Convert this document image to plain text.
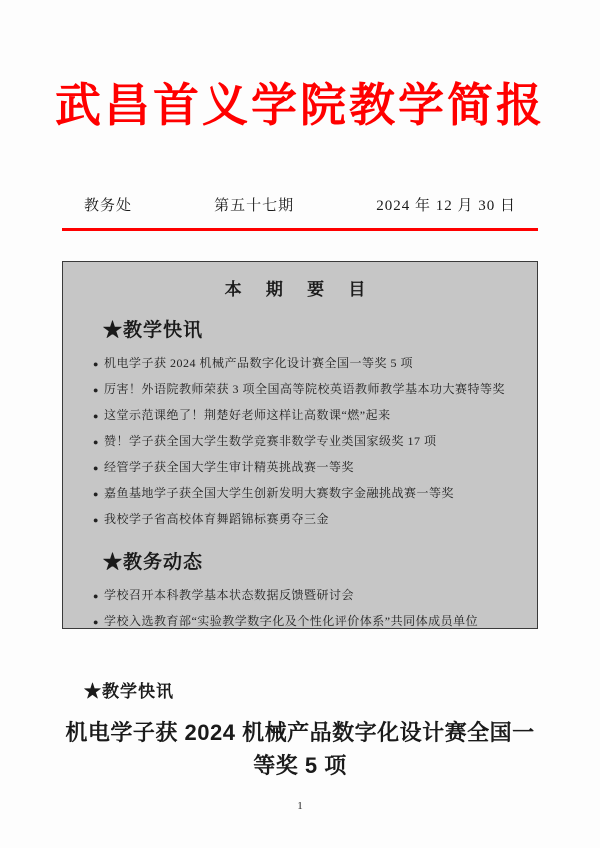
武昌首义学院教学简报
教务处	第五十七期	2024 年 12 月 30 日
本 期 要 目
★教学快讯
● 机电学子获 2024 机械产品数字化设计赛全国一等奖 5 项
● 厉害！外语院教师荣获 3 项全国高等院校英语教师教学基本功大赛特等奖
● 这堂示范课绝了！荆楚好老师这样让高数课“燃”起来
● 赞！学子获全国大学生数学竞赛非数学专业类国家级奖 17 项
● 经管学子获全国大学生审计精英挑战赛一等奖
● 嘉鱼基地学子获全国大学生创新发明大赛数字金融挑战赛一等奖
● 我校学子省高校体育舞蹈锦标赛勇夺三金
★教务动态
● 学校召开本科教学基本状态数据反馈暨研讨会
● 学校入选教育部“实验教学数字化及个性化评价体系”共同体成员单位
★教学快讯
机电学子获 2024 机械产品数字化设计赛全国一等奖 5 项
1
